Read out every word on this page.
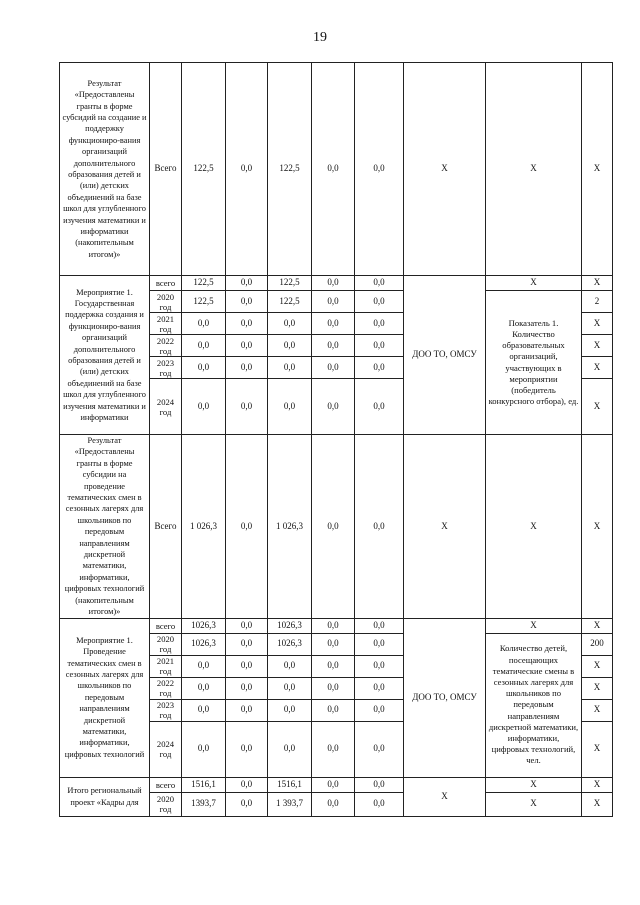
19
Результат «Предоставлены гранты в форме субсидий на создание и поддержку функциониро-вания организаций дополнительного образования детей и (или) детских объединений на базе школ для углубленного изучения математики и информатики (накопительным итогом)»	Всего	122,5	0,0	122,5	0,0	0,0	Х	Х	Х
Мероприятие 1. Государственная поддержка создания и функциониро-вания организаций дополнительного образования детей и (или) детских объединений на базе школ для углубленного изучения математики и информатики	всего	122,5	0,0	122,5	0,0	0,0	ДОО ТО, ОМСУ	Х	Х
	2020 год	122,5	0,0	122,5	0,0	0,0		Показатель 1. Количество образовательных организаций, участвующих в мероприятии (победитель конкурсного отбора), ед.	2
	2021 год	0,0	0,0	0,0	0,0	0,0			Х
	2022 год	0,0	0,0	0,0	0,0	0,0			Х
	2023 год	0,0	0,0	0,0	0,0	0,0			Х
	2024 год	0,0	0,0	0,0	0,0	0,0			Х
Результат «Предоставлены гранты в форме субсидии на проведение тематических смен в сезонных лагерях для школьников по передовым направлениям дискретной математики, информатики, цифровых технологий (накопительным итогом)»	Всего	1 026,3	0,0	1 026,3	0,0	0,0	Х	Х	Х
Мероприятие 1. Проведение тематических смен в сезонных лагерях для школьников по передовым направлениям дискретной математики, информатики, цифровых технологий	всего	1026,3	0,0	1026,3	0,0	0,0	ДОО ТО, ОМСУ	Х	Х
	2020 год	1026,3	0,0	1026,3	0,0	0,0		Количество детей, посещающих тематические смены в сезонных лагерях для школьников по передовым направлениям дискретной математики, информатики, цифровых технологий, чел.	200
	2021 год	0,0	0,0	0,0	0,0	0,0			Х
	2022 год	0,0	0,0	0,0	0,0	0,0			Х
	2023 год	0,0	0,0	0,0	0,0	0,0			Х
	2024 год	0,0	0,0	0,0	0,0	0,0			Х
Итого региональный проект «Кадры для	всего	1516,1	0,0	1516,1	0,0	0,0	Х	Х	Х
	2020 год	1393,7	0,0	1 393,7	0,0	0,0		Х	Х
